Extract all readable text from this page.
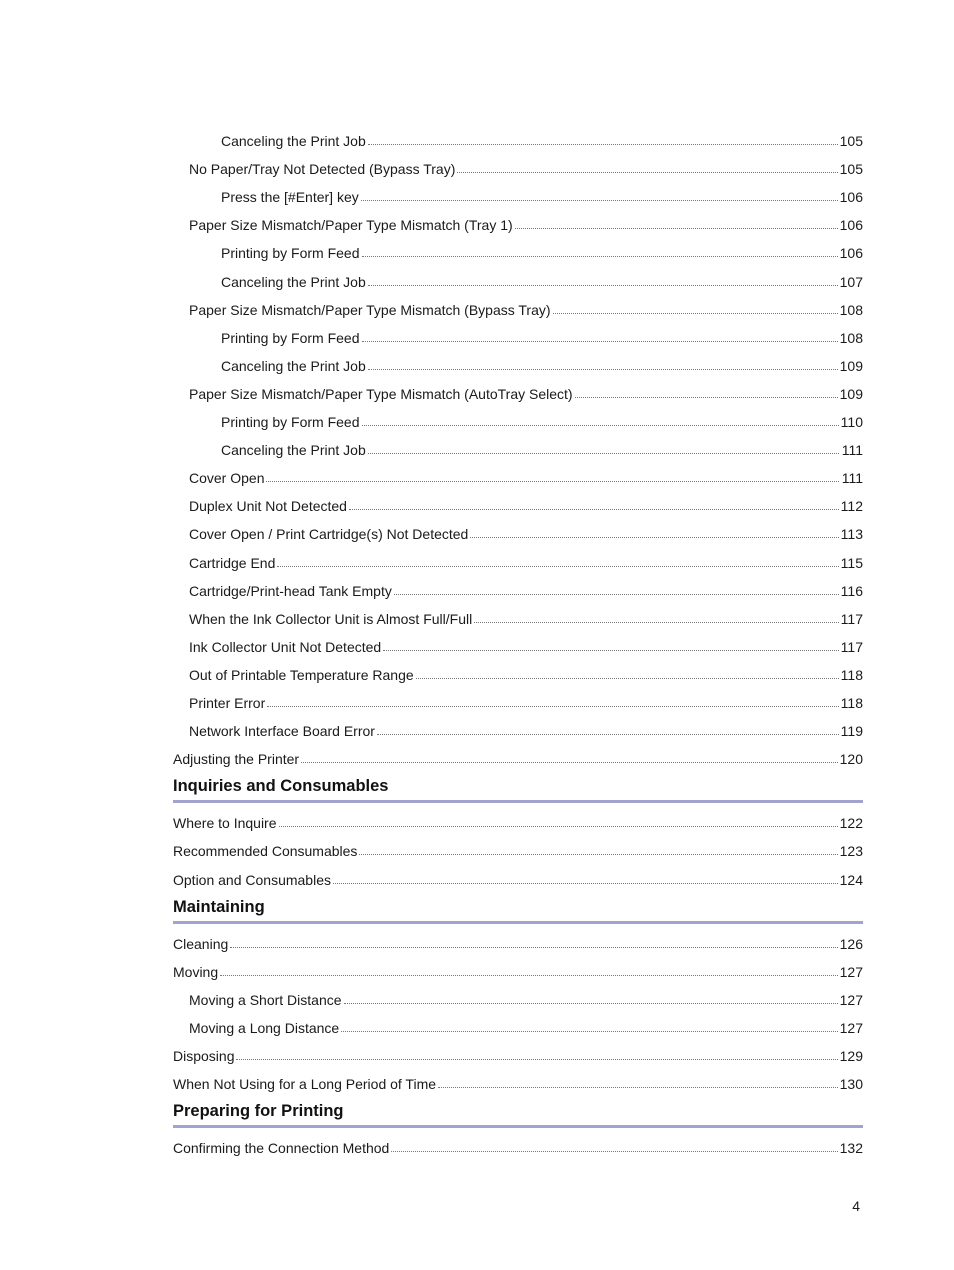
Canceling the Print Job	105
No Paper/Tray Not Detected (Bypass Tray)	105
Press the [#Enter] key	106
Paper Size Mismatch/Paper Type Mismatch (Tray 1)	106
Printing by Form Feed	106
Canceling the Print Job	107
Paper Size Mismatch/Paper Type Mismatch (Bypass Tray)	108
Printing by Form Feed	108
Canceling the Print Job	109
Paper Size Mismatch/Paper Type Mismatch (AutoTray Select)	109
Printing by Form Feed	110
Canceling the Print Job	111
Cover Open	111
Duplex Unit Not Detected	112
Cover Open / Print Cartridge(s) Not Detected	113
Cartridge End	115
Cartridge/Print-head Tank Empty	116
When the Ink Collector Unit is Almost Full/Full	117
Ink Collector Unit Not Detected	117
Out of Printable Temperature Range	118
Printer Error	118
Network Interface Board Error	119
Adjusting the Printer	120
Inquiries and Consumables
Where to Inquire	122
Recommended Consumables	123
Option and Consumables	124
Maintaining
Cleaning	126
Moving	127
Moving a Short Distance	127
Moving a Long Distance	127
Disposing	129
When Not Using for a Long Period of Time	130
Preparing for Printing
Confirming the Connection Method	132
4
